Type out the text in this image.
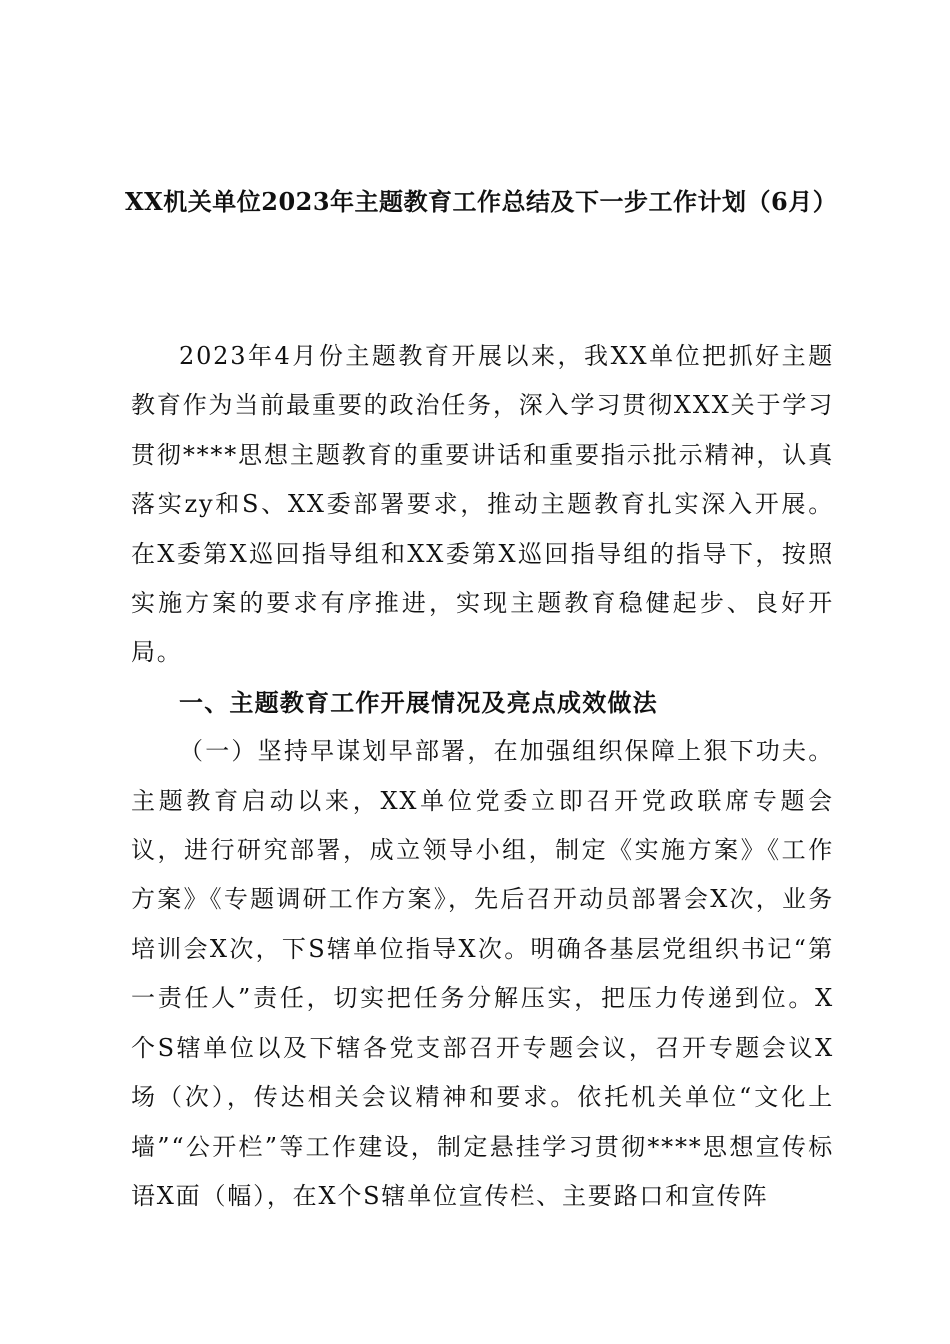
XX机关单位2023年主题教育工作总结及下一步工作计划（6月）

2023年4月份主题教育开展以来，我XX单位把抓好主题教育作为当前最重要的政治任务，深入学习贯彻XXX关于学习贯彻****思想主题教育的重要讲话和重要指示批示精神，认真落实zy和S、XX委部署要求，推动主题教育扎实深入开展。在X委第X巡回指导组和XX委第X巡回指导组的指导下，按照实施方案的要求有序推进，实现主题教育稳健起步、良好开局。

一、主题教育工作开展情况及亮点成效做法

（一）坚持早谋划早部署，在加强组织保障上狠下功夫。主题教育启动以来，XX单位党委立即召开党政联席专题会议，进行研究部署，成立领导小组，制定《实施方案》《工作方案》《专题调研工作方案》，先后召开动员部署会X次，业务培训会X次，下S辖单位指导X次。明确各基层党组织书记“第一责任人”责任，切实把任务分解压实，把压力传递到位。X个S辖单位以及下辖各党支部召开专题会议，召开专题会议X场（次），传达相关会议精神和要求。依托机关单位“文化上墙”“公开栏”等工作建设，制定悬挂学习贯彻****思想宣传标语X面（幅），在X个S辖单位宣传栏、主要路口和宣传阵
